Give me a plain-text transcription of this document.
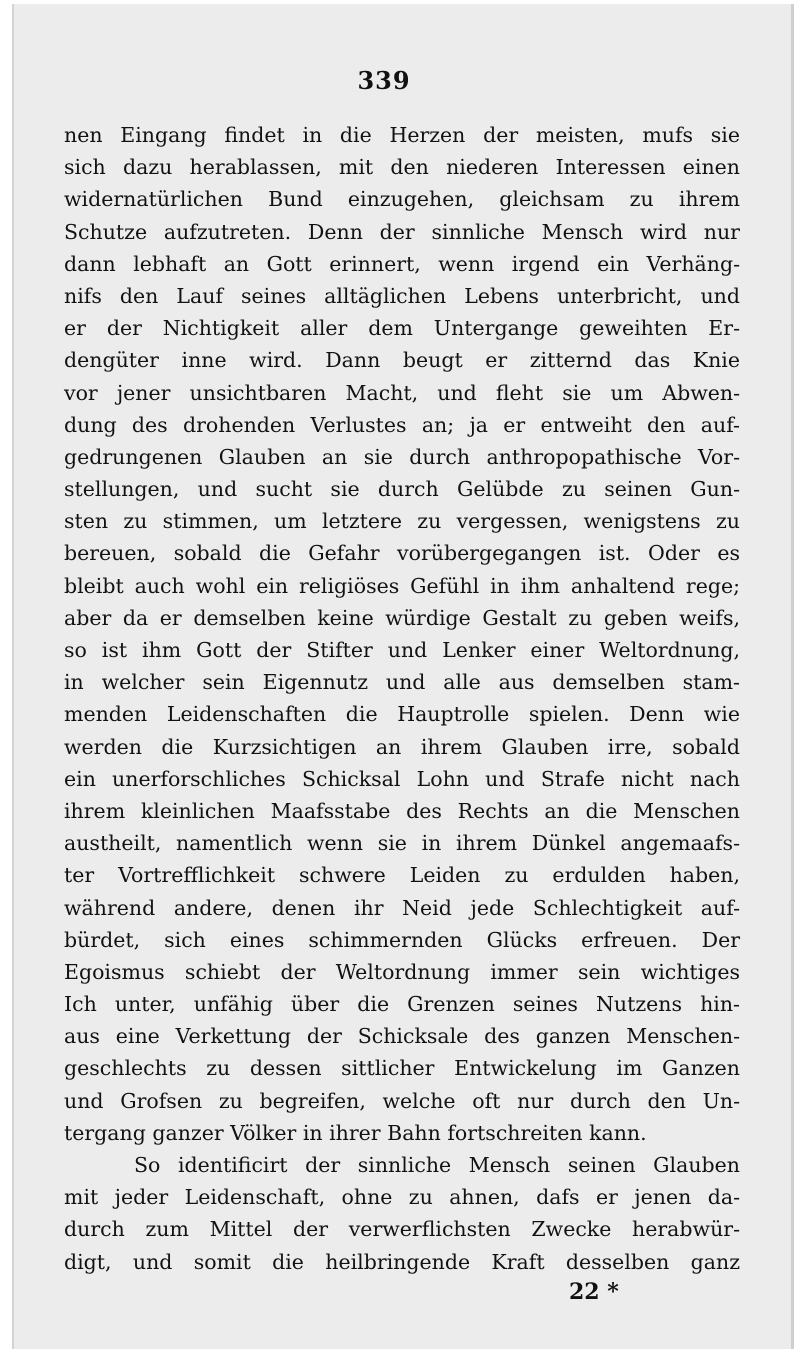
339
nen Eingang findet in die Herzen der meisten, mufs sie
sich dazu herablassen, mit den niederen Interessen einen
widernatürlichen Bund einzugehen, gleichsam zu ihrem
Schutze aufzutreten. Denn der sinnliche Mensch wird nur
dann lebhaft an Gott erinnert, wenn irgend ein Verhäng-
nifs den Lauf seines alltäglichen Lebens unterbricht, und
er der Nichtigkeit aller dem Untergange geweihten Er-
dengüter inne wird. Dann beugt er zitternd das Knie
vor jener unsichtbaren Macht, und fleht sie um Abwen-
dung des drohenden Verlustes an; ja er entweiht den auf-
gedrungenen Glauben an sie durch anthropopathische Vor-
stellungen, und sucht sie durch Gelübde zu seinen Gun-
sten zu stimmen, um letztere zu vergessen, wenigstens zu
bereuen, sobald die Gefahr vorübergegangen ist. Oder es
bleibt auch wohl ein religiöses Gefühl in ihm anhaltend rege;
aber da er demselben keine würdige Gestalt zu geben weifs,
so ist ihm Gott der Stifter und Lenker einer Weltordnung,
in welcher sein Eigennutz und alle aus demselben stam-
menden Leidenschaften die Hauptrolle spielen. Denn wie
werden die Kurzsichtigen an ihrem Glauben irre, sobald
ein unerforschliches Schicksal Lohn und Strafe nicht nach
ihrem kleinlichen Maafsstabe des Rechts an die Menschen
austheilt, namentlich wenn sie in ihrem Dünkel angemaafs-
ter Vortrefflichkeit schwere Leiden zu erdulden haben,
während andere, denen ihr Neid jede Schlechtigkeit auf-
bürdet, sich eines schimmernden Glücks erfreuen. Der
Egoismus schiebt der Weltordnung immer sein wichtiges
Ich unter, unfähig über die Grenzen seines Nutzens hin-
aus eine Verkettung der Schicksale des ganzen Menschen-
geschlechts zu dessen sittlicher Entwickelung im Ganzen
und Grofsen zu begreifen, welche oft nur durch den Un-
tergang ganzer Völker in ihrer Bahn fortschreiten kann.
So identificirt der sinnliche Mensch seinen Glauben
mit jeder Leidenschaft, ohne zu ahnen, dafs er jenen da-
durch zum Mittel der verwerflichsten Zwecke herabwür-
digt, und somit die heilbringende Kraft desselben ganz
22 *
